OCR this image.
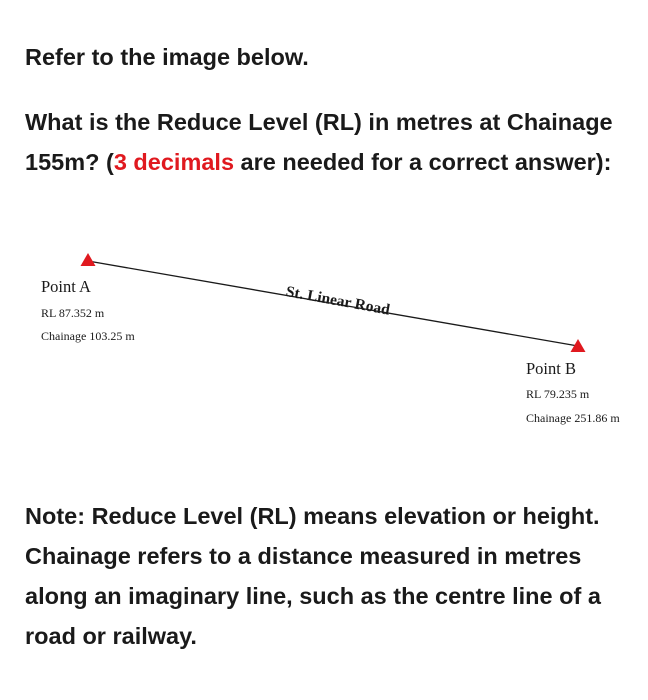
Refer to the image below.

What is the Reduce Level (RL) in metres at Chainage 155m? (3 decimals are needed for a correct answer):

St. Linear Road
Point A
RL 87.352 m
Chainage 103.25 m
Point B
RL 79.235 m
Chainage 251.86 m

Note: Reduce Level (RL) means elevation or height. Chainage refers to a distance measured in metres along an imaginary line, such as the centre line of a road or railway.
